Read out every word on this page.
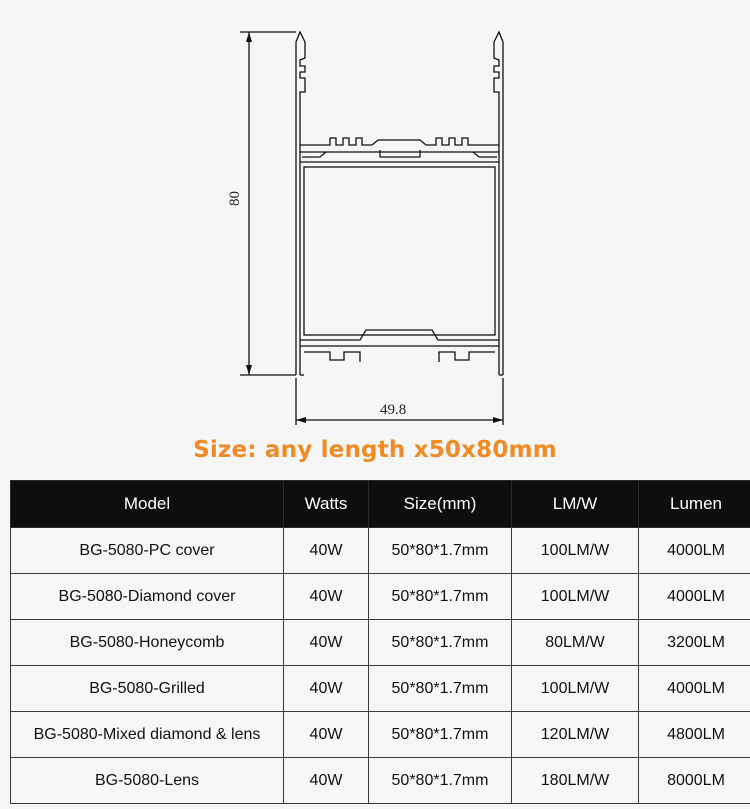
80
49.8
Size: any length x50x80mm
Model	Watts	Size(mm)	LM/W	Lumen
BG-5080-PC cover	40W	50*80*1.7mm	100LM/W	4000LM
BG-5080-Diamond cover	40W	50*80*1.7mm	100LM/W	4000LM
BG-5080-Honeycomb	40W	50*80*1.7mm	80LM/W	3200LM
BG-5080-Grilled	40W	50*80*1.7mm	100LM/W	4000LM
BG-5080-Mixed diamond & lens	40W	50*80*1.7mm	120LM/W	4800LM
BG-5080-Lens	40W	50*80*1.7mm	180LM/W	8000LM
